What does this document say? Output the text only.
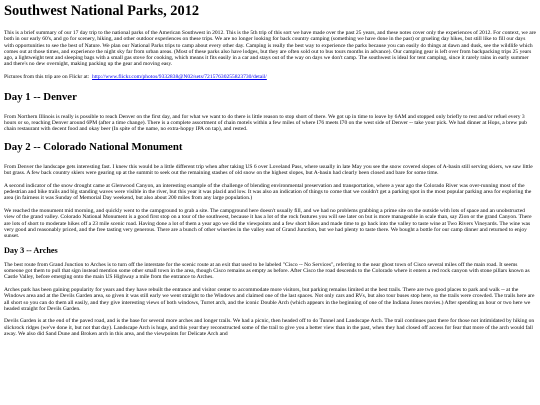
Southwest National Parks, 2012

This is a brief summary of our 17 day trip to the national parks of the American Southwest in 2012. This is the 5th trip of this sort we have made over the past 25 years, and these notes cover only the experiences of 2012. For context, we are both in our early 60's, and go for scenery, hiking, and other outdoor experiences on these trips. We are no longer looking for back country camping (something we have done in the past) or grueling day hikes, but still like to fill our days with opportunities to see the best of Nature. We plan our National Parks trips to camp about every other day. Camping is really the best way to experience the parks because you can easily do things at dawn and dusk, see the wildlife which comes out at those times, and experience the night sky far from urban areas. (Most of these parks also have lodges, but they are often sold out to bus tours months in advance). Our camping gear is left over from backpacking trips 25 years ago, a lightweight tent and sleeping bags with a small gas stove for cooking, which means it fits easily in a car and stays out of the way on days we don't camp. The southwest is ideal for tent camping, since it rarely rains in early summer and there's no dew overnight, making packing up the gear and moving easy.

Pictures from this trip are on Flickr at: http://www.flickr.com/photos/9332838@N02/sets/72157630255823730/detail/

Day 1 -- Denver

From Northern Illinois is really is possible to reach Denver on the first day, and for what we want to do there is little reason to stop short of there. We got up in time to leave by 6AM and stopped only briefly to rest and/or refuel every 3 hours or so, reaching Denver around 6PM (after a time change). There is a complete assortment of chain motels within a few miles of where I76 meets I70 on the west side of Denver -- take your pick. We had dinner at Hops, a brew pub chain restaurant with decent food and okay beer (In spite of the name, no extra-hoppy IPA on tap), and rested.

Day 2 -- Colorado National Monument

From Denver the landscape gets interesting fast. I knew this would be a little different trip when after taking US 6 over Loveland Pass, where usually in late May you see the snow covered slopes of A-basin still serving skiers, we saw little but grass. A few back country skiers were gearing up at the summit to seek out the remaining stashes of old snow on the highest slopes, but A-basin had clearly been closed and bare for some time.

A second indicator of the snow drought came at Glenwood Canyon, an interesting example of the challenge of blending environmental preservation and transportation, where a year ago the Colorado River was over-running most of the pedestrian and bike trails and big standing waves were visible in the river, but this year it was placid and low. It was also an indication of things to come that we couldn't get a parking spot in the most popular parking area for exploring the area (in fairness it was Sunday of Memorial Day weekend, but also about 200 miles from any large population.)

We reached the monument mid morning, and quickly went to the campground to grab a site. The campground here doesn't usually fill, and we had no problems grabbing a prime site on the outside with lots of space and an unobstructed view of the grand valley. Colorado National Monument is a good first stop on a tour of the southwest, because it has a lot of the rock features you will see later on but is more manageable in scale than, say Zion or the grand Canyon. There are lots of short to moderate hikes off a 23 mile scenic road. Having done a lot of them a year ago we did the viewpoints and a few short hikes and made time to go back into the valley to taste wine at Two Rivers Vineyards. The wine was very good and reasonably priced, and the free tasting very generous. There are a bunch of other wineries in the valley east of Grand Junction, but we had plenty to taste there. We bought a bottle for our camp dinner and returned to enjoy sunset.

Day 3 -- Arches

The best route from Grand Junction to Arches is to turn off the interstate for the scenic route at an exit that used to be labeled "Cisco -- No Services", referring to the near ghost town of Cisco several miles off the main road. It seems someone got them to pull that sign instead mention some other small town in the area, though Cisco remains as empty as before. After Cisco the road descends to the Colorado where it enters a red rock canyon with stone pillars known as Castle Valley, before emerging onto the main US Highway a mile from the entrance to Arches.

Arches park has been gaining popularity for years and they have rebuilt the entrance and visitor center to accommodate more visitors, but parking remains limited at the best trails. There are two good places to park and walk -- at the Windows area and at the Devils Garden area, so given it was still early we went straight to the Windows and claimed one of the last spaces. Not only cars and RVs, but also tour buses stop here, so the trails were crowded. The trails here are all short so you can do them all easily, and they give interesting views of both windows, Turret arch, and the iconic Double Arch (which appears in the beginning of one of the Indiana Jones movies.) After spending an hour or two here we headed straight for Devils Garden.

Devils Garden is at the end of the paved road, and is the base for several more arches and longer trails. We had a picnic, then headed off to do Tunnel and Landscape Arch. The trail continues past there for those not intimidated by hiking on slickrock ridges (we've done it, but not that day). Landscape Arch is huge, and this year they reconstructed some of the trail to give you a better view than in the past, when they had closed off access for fear that more of the arch would fall away. We also did Sand Dune and Broken arch in this area, and the viewpoints for Delicate Arch and
